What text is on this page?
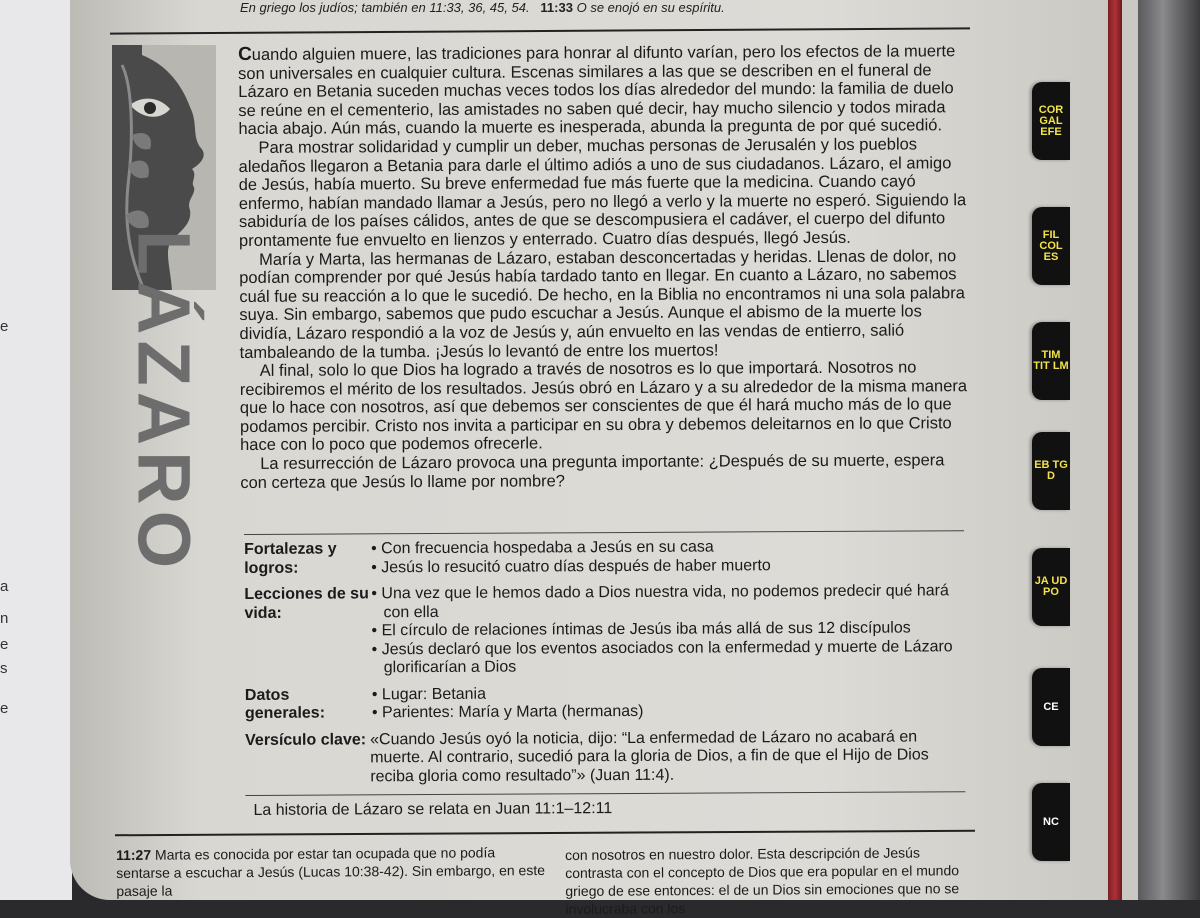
e
a
n
e
s
e
En griego los judíos; también en 11:33, 36, 45, 54. 11:33 O se enojó en su espíritu.
LÁZARO

Cuando alguien muere, las tradiciones para honrar al difunto varían, pero los efectos de la muerte son universales en cualquier cultura. Escenas similares a las que se describen en el funeral de Lázaro en Betania suceden muchas veces todos los días alrededor del mundo: la familia de duelo se reúne en el cementerio, las amistades no saben qué decir, hay mucho silencio y todos mirada hacia abajo. Aún más, cuando la muerte es inesperada, abunda la pregunta de por qué sucedió.

Para mostrar solidaridad y cumplir un deber, muchas personas de Jerusalén y los pueblos aledaños llegaron a Betania para darle el último adiós a uno de sus ciudadanos. Lázaro, el amigo de Jesús, había muerto. Su breve enfermedad fue más fuerte que la medicina. Cuando cayó enfermo, habían mandado llamar a Jesús, pero no llegó a verlo y la muerte no esperó. Siguiendo la sabiduría de los países cálidos, antes de que se descompusiera el cadáver, el cuerpo del difunto prontamente fue envuelto en lienzos y enterrado. Cuatro días después, llegó Jesús.

María y Marta, las hermanas de Lázaro, estaban desconcertadas y heridas. Llenas de dolor, no podían comprender por qué Jesús había tardado tanto en llegar. En cuanto a Lázaro, no sabemos cuál fue su reacción a lo que le sucedió. De hecho, en la Biblia no encontramos ni una sola palabra suya. Sin embargo, sabemos que pudo escuchar a Jesús. Aunque el abismo de la muerte los dividía, Lázaro respondió a la voz de Jesús y, aún envuelto en las vendas de entierro, salió tambaleando de la tumba. ¡Jesús lo levantó de entre los muertos!

Al final, solo lo que Dios ha logrado a través de nosotros es lo que importará. Nosotros no recibiremos el mérito de los resultados. Jesús obró en Lázaro y a su alrededor de la misma manera que lo hace con nosotros, así que debemos ser conscientes de que él hará mucho más de lo que podamos percibir. Cristo nos invita a participar en su obra y debemos deleitarnos en lo que Cristo hace con lo poco que podemos ofrecerle.

La resurrección de Lázaro provoca una pregunta importante: ¿Después de su muerte, espera con certeza que Jesús lo llame por nombre?

Fortalezas y logros:
• Con frecuencia hospedaba a Jesús en su casa
• Jesús lo resucitó cuatro días después de haber muerto
Lecciones de su vida:
• Una vez que le hemos dado a Dios nuestra vida, no podemos predecir qué hará con ella
• El círculo de relaciones íntimas de Jesús iba más allá de sus 12 discípulos
• Jesús declaró que los eventos asociados con la enfermedad y muerte de Lázaro glorificarían a Dios
Datos generales:
• Lugar: Betania
• Parientes: María y Marta (hermanas)
Versículo clave: «Cuando Jesús oyó la noticia, dijo: “La enfermedad de Lázaro no acabará en muerte. Al contrario, sucedió para la gloria de Dios, a fin de que el Hijo de Dios reciba gloria como resultado”» (Juan 11:4).
La historia de Lázaro se relata en Juan 11:1–12:11
11:27 Marta es conocida por estar tan ocupada que no podía sentarse a escuchar a Jesús (Lucas 10:38-42). Sin embargo, en este pasaje la
con nosotros en nuestro dolor. Esta descripción de Jesús contrasta con el concepto de Dios que era popular en el mundo griego de ese entonces: el de un Dios sin emociones que no se involucraba con los
COR GAL EFE
FIL COL ES
TIM TIT LM
EB TG D
JA UD PO
CE
NC
